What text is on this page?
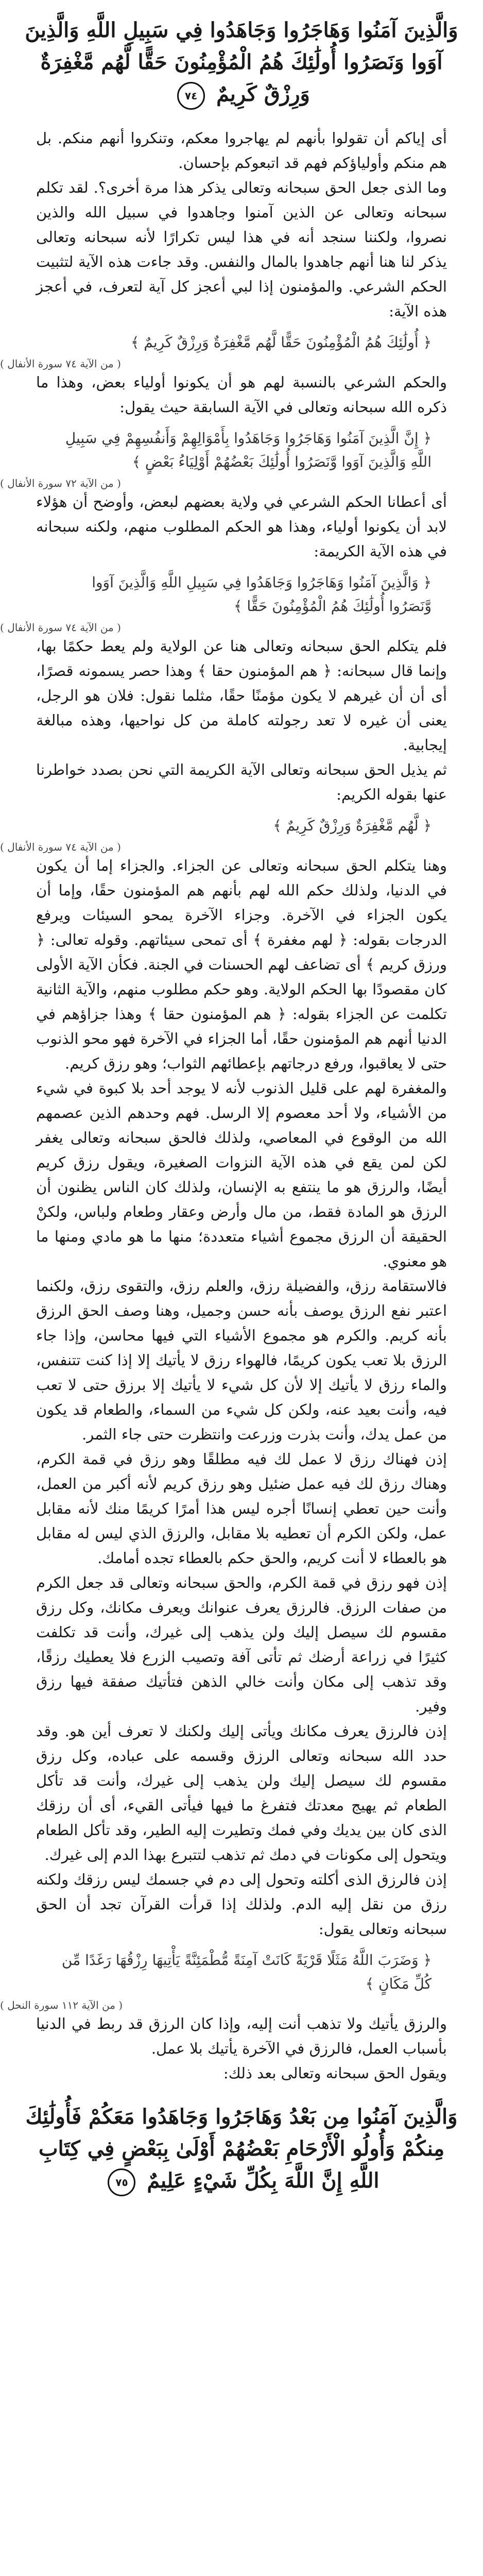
وَالَّذِينَ آمَنُوا وَهَاجَرُوا وَجَاهَدُوا فِي سَبِيلِ اللَّهِ وَالَّذِينَ آوَوا وَنَصَرُوا أُولَٰئِكَ هُمُ الْمُؤْمِنُونَ حَقًّا لَّهُم مَّغْفِرَةٌ وَرِزْقٌ كَرِيمٌ ٧٤

أى إياكم أن تقولوا بأنهم لم يهاجروا معكم، وتنكروا أنهم منكم. بل هم منكم وأولياؤكم فهم قد اتبعوكم بإحسان.

وما الذى جعل الحق سبحانه وتعالى يذكر هذا مرة أخرى؟. لقد تكلم سبحانه وتعالى عن الذين آمنوا وجاهدوا في سبيل الله والذين نصروا، ولكننا سنجد أنه في هذا ليس تكرارًا لأنه سبحانه وتعالى يذكر لنا هنا أنهم جاهدوا بالمال والنفس. وقد جاءت هذه الآية لتثبيت الحكم الشرعي. والمؤمنون إذا لبي أعجز كل آية لتعرف، في أعجز هذه الآية:

﴿ أُولَٰئِكَ هُمُ الْمُؤْمِنُونَ حَقًّا لَّهُم مَّغْفِرَةٌ وَرِزْقٌ كَرِيمٌ ﴾
( من الآية ٧٤ سورة الأنفال )

والحكم الشرعي بالنسبة لهم هو أن يكونوا أولياء بعض، وهذا ما ذكره الله سبحانه وتعالى في الآية السابقة حيث يقول:

﴿ إِنَّ الَّذِينَ آمَنُوا وَهَاجَرُوا وَجَاهَدُوا بِأَمْوَالِهِمْ وَأَنفُسِهِمْ فِي سَبِيلِ اللَّهِ وَالَّذِينَ آوَوا وَّنَصَرُوا أُولَٰئِكَ بَعْضُهُمْ أَوْلِيَاءُ بَعْضٍ ﴾
( من الآية ٧٢ سورة الأنفال )

أى أعطانا الحكم الشرعي في ولاية بعضهم لبعض، وأوضح أن هؤلاء لابد أن يكونوا أولياء، وهذا هو الحكم المطلوب منهم، ولكنه سبحانه في هذه الآية الكريمة:

﴿ وَالَّذِينَ آمَنُوا وَهَاجَرُوا وَجَاهَدُوا فِي سَبِيلِ اللَّهِ وَالَّذِينَ آوَوا وَّنَصَرُوا أُولَٰئِكَ هُمُ الْمُؤْمِنُونَ حَقًّا ﴾
( من الآية ٧٤ سورة الأنفال )

فلم يتكلم الحق سبحانه وتعالى هنا عن الولاية ولم يعط حكمًا بها، وإنما قال سبحانه: ﴿ هم المؤمنون حقا ﴾ وهذا حصر يسمونه قصرًا، أى أن أن غيرهم لا يكون مؤمنًا حقًا، مثلما نقول: فلان هو الرجل، يعنى أن غيره لا تعد رجولته كاملة من كل نواحيها، وهذه مبالغة إيجابية.

ثم يذيل الحق سبحانه وتعالى الآية الكريمة التي نحن بصدد خواطرنا عنها بقوله الكريم:

﴿ لَّهُم مَّغْفِرَةٌ وَرِزْقٌ كَرِيمٌ ﴾
( من الآية ٧٤ سورة الأنفال )

وهنا يتكلم الحق سبحانه وتعالى عن الجزاء. والجزاء إما أن يكون في الدنيا، ولذلك حكم الله لهم بأنهم هم المؤمنون حقًا، وإما أن يكون الجزاء في الآخرة. وجزاء الآخرة يمحو السيئات ويرفع الدرجات بقوله: ﴿ لهم مغفرة ﴾ أى تمحى سيئاتهم. وقوله تعالى: ﴿ ورزق كريم ﴾ أى تضاعف لهم الحسنات في الجنة. فكأن الآية الأولى كان مقصودًا بها الحكم الولاية. وهو حكم مطلوب منهم، والآية الثانية تكلمت عن الجزاء بقوله: ﴿ هم المؤمنون حقا ﴾ وهذا جزاؤهم في الدنيا أنهم هم المؤمنون حقًا، أما الجزاء في الآخرة فهو محو الذنوب حتى لا يعاقبوا، ورفع درجاتهم بإعطائهم الثواب؛ وهو رزق كريم.

والمغفرة لهم على قليل الذنوب لأنه لا يوجد أحد بلا كبوة في شيء من الأشياء، ولا أحد معصوم إلا الرسل. فهم وحدهم الذين عصمهم الله من الوقوع في المعاصي، ولذلك فالحق سبحانه وتعالى يغفر لكن لمن يقع في هذه الآية النزوات الصغيرة، ويقول رزق كريم أيضًا، والرزق هو ما ينتفع به الإنسان، ولذلك كان الناس يظنون أن الرزق هو المادة فقط، من مال وأرض وعقار وطعام ولباس، ولكنْ الحقيقة أن الرزق مجموع أشياء متعددة؛ منها ما هو مادي ومنها ما هو معنوي.

فالاستقامة رزق، والفضيلة رزق، والعلم رزق، والتقوى رزق، ولكنما اعتبر نفع الرزق يوصف بأنه حسن وجميل، وهنا وصف الحق الرزق بأنه كريم. والكرم هو مجموع الأشياء التي فيها محاسن، وإذا جاء الرزق بلا تعب يكون كريمًا، فالهواء رزق لا يأتيك إلا إذا كنت تتنفس، والماء رزق لا يأتيك إلا لأن كل شيء لا يأتيك إلا برزق حتى لا تعب فيه، وأنت بعيد عنه، ولكن كل شيء من السماء، والطعام قد يكون من عمل يدك، وأنت بذرت وزرعت وانتظرت حتى جاء الثمر.

إذن فهناك رزق لا عمل لك فيه مطلقًا وهو رزق في قمة الكرم، وهناك رزق لك فيه عمل ضئيل وهو رزق كريم لأنه أكبر من العمل، وأنت حين تعطي إنسانًا أجره ليس هذا أمرًا كريمًا منك لأنه مقابل عمل، ولكن الكرم أن تعطيه بلا مقابل، والرزق الذي ليس له مقابل هو بالعطاء لا أنت كريم، والحق حكم بالعطاء تجده أمامك.

إذن فهو رزق في قمة الكرم، والحق سبحانه وتعالى قد جعل الكرم من صفات الرزق. فالرزق يعرف عنوانك ويعرف مكانك، وكل رزق مقسوم لك سيصل إليك ولن يذهب إلى غيرك، وأنت قد تكلفت كثيرًا في زراعة أرضك ثم تأتى آفة وتصيب الزرع فلا يعطيك رزقًا، وقد تذهب إلى مكان وأنت خالي الذهن فتأتيك صفقة فيها رزق وفير.

إذن فالرزق يعرف مكانك ويأتى إليك ولكنك لا تعرف أين هو. وقد حدد الله سبحانه وتعالى الرزق وقسمه على عباده، وكل رزق مقسوم لك سيصل إليك ولن يذهب إلى غيرك، وأنت قد تأكل الطعام ثم يهيج معدتك فتفرغ ما فيها فيأتى القيء، أى أن رزقك الذى كان بين يديك وفي فمك وتطيرت إليه الطير، وقد تأكل الطعام ويتحول إلى مكونات في دمك ثم تذهب لتتبرع بهذا الدم إلى غيرك.

إذن فالرزق الذى أكلته وتحول إلى دم في جسمك ليس رزقك ولكنه رزق من نقل إليه الدم. ولذلك إذا قرأت القرآن تجد أن الحق سبحانه وتعالى يقول:

﴿ وَضَرَبَ اللَّهُ مَثَلًا قَرْيَةً كَانَتْ آمِنَةً مُّطْمَئِنَّةً يَأْتِيهَا رِزْقُهَا رَغَدًا مِّن كُلِّ مَكَانٍ ﴾
( من الآية ١١٢ سورة النحل )

والرزق يأتيك ولا تذهب أنت إليه، وإذا كان الرزق قد ربط في الدنيا بأسباب العمل، فالرزق في الآخرة يأتيك بلا عمل.

ويقول الحق سبحانه وتعالى بعد ذلك:

وَالَّذِينَ آمَنُوا مِن بَعْدُ وَهَاجَرُوا وَجَاهَدُوا مَعَكُمْ فَأُولَٰئِكَ مِنكُمْ وَأُولُو الْأَرْحَامِ بَعْضُهُمْ أَوْلَىٰ بِبَعْضٍ فِي كِتَابِ اللَّهِ إِنَّ اللَّهَ بِكُلِّ شَيْءٍ عَلِيمٌ ٧٥
